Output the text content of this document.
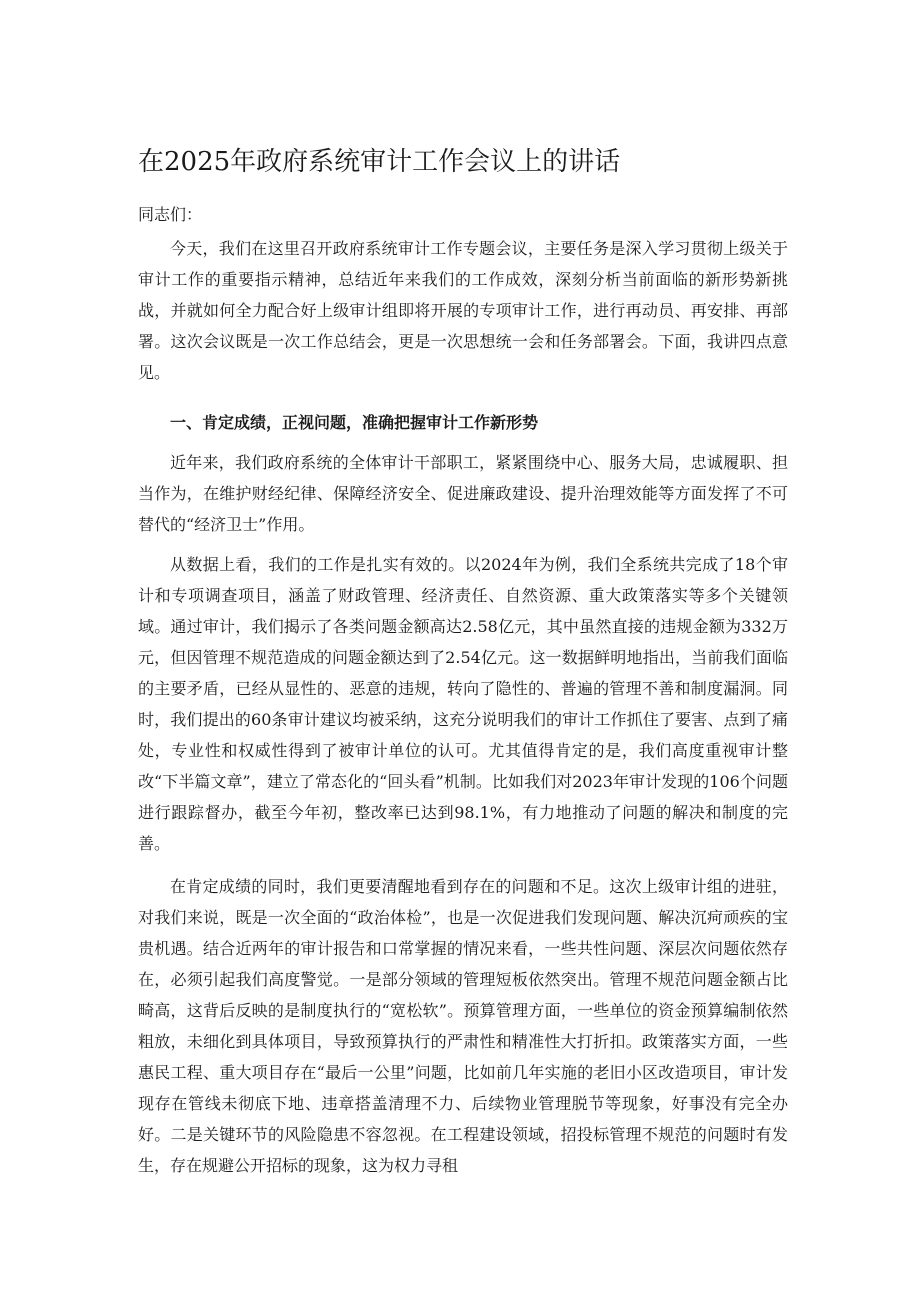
在2025年政府系统审计工作会议上的讲话

同志们：

今天，我们在这里召开政府系统审计工作专题会议，主要任务是深入学习贯彻上级关于审计工作的重要指示精神，总结近年来我们的工作成效，深刻分析当前面临的新形势新挑战，并就如何全力配合好上级审计组即将开展的专项审计工作，进行再动员、再安排、再部署。这次会议既是一次工作总结会，更是一次思想统一会和任务部署会。下面，我讲四点意见。

一、肯定成绩，正视问题，准确把握审计工作新形势

近年来，我们政府系统的全体审计干部职工，紧紧围绕中心、服务大局，忠诚履职、担当作为，在维护财经纪律、保障经济安全、促进廉政建设、提升治理效能等方面发挥了不可替代的“经济卫士”作用。

从数据上看，我们的工作是扎实有效的。以2024年为例，我们全系统共完成了18个审计和专项调查项目，涵盖了财政管理、经济责任、自然资源、重大政策落实等多个关键领域。通过审计，我们揭示了各类问题金额高达2.58亿元，其中虽然直接的违规金额为332万元，但因管理不规范造成的问题金额达到了2.54亿元。这一数据鲜明地指出，当前我们面临的主要矛盾，已经从显性的、恶意的违规，转向了隐性的、普遍的管理不善和制度漏洞。同时，我们提出的60条审计建议均被采纳，这充分说明我们的审计工作抓住了要害、点到了痛处，专业性和权威性得到了被审计单位的认可。尤其值得肯定的是，我们高度重视审计整改“下半篇文章”，建立了常态化的“回头看”机制。比如我们对2023年审计发现的106个问题进行跟踪督办，截至今年初，整改率已达到98.1%，有力地推动了问题的解决和制度的完善。

在肯定成绩的同时，我们更要清醒地看到存在的问题和不足。这次上级审计组的进驻，对我们来说，既是一次全面的“政治体检”，也是一次促进我们发现问题、解决沉疴顽疾的宝贵机遇。结合近两年的审计报告和口常掌握的情况来看，一些共性问题、深层次问题依然存在，必须引起我们高度警觉。一是部分领域的管理短板依然突出。管理不规范问题金额占比畸高，这背后反映的是制度执行的“宽松软”。预算管理方面，一些单位的资金预算编制依然粗放，未细化到具体项目，导致预算执行的严肃性和精准性大打折扣。政策落实方面，一些惠民工程、重大项目存在“最后一公里”问题，比如前几年实施的老旧小区改造项目，审计发现存在管线未彻底下地、违章搭盖清理不力、后续物业管理脱节等现象，好事没有完全办好。二是关键环节的风险隐患不容忽视。在工程建设领域，招投标管理不规范的问题时有发生，存在规避公开招标的现象，这为权力寻租
